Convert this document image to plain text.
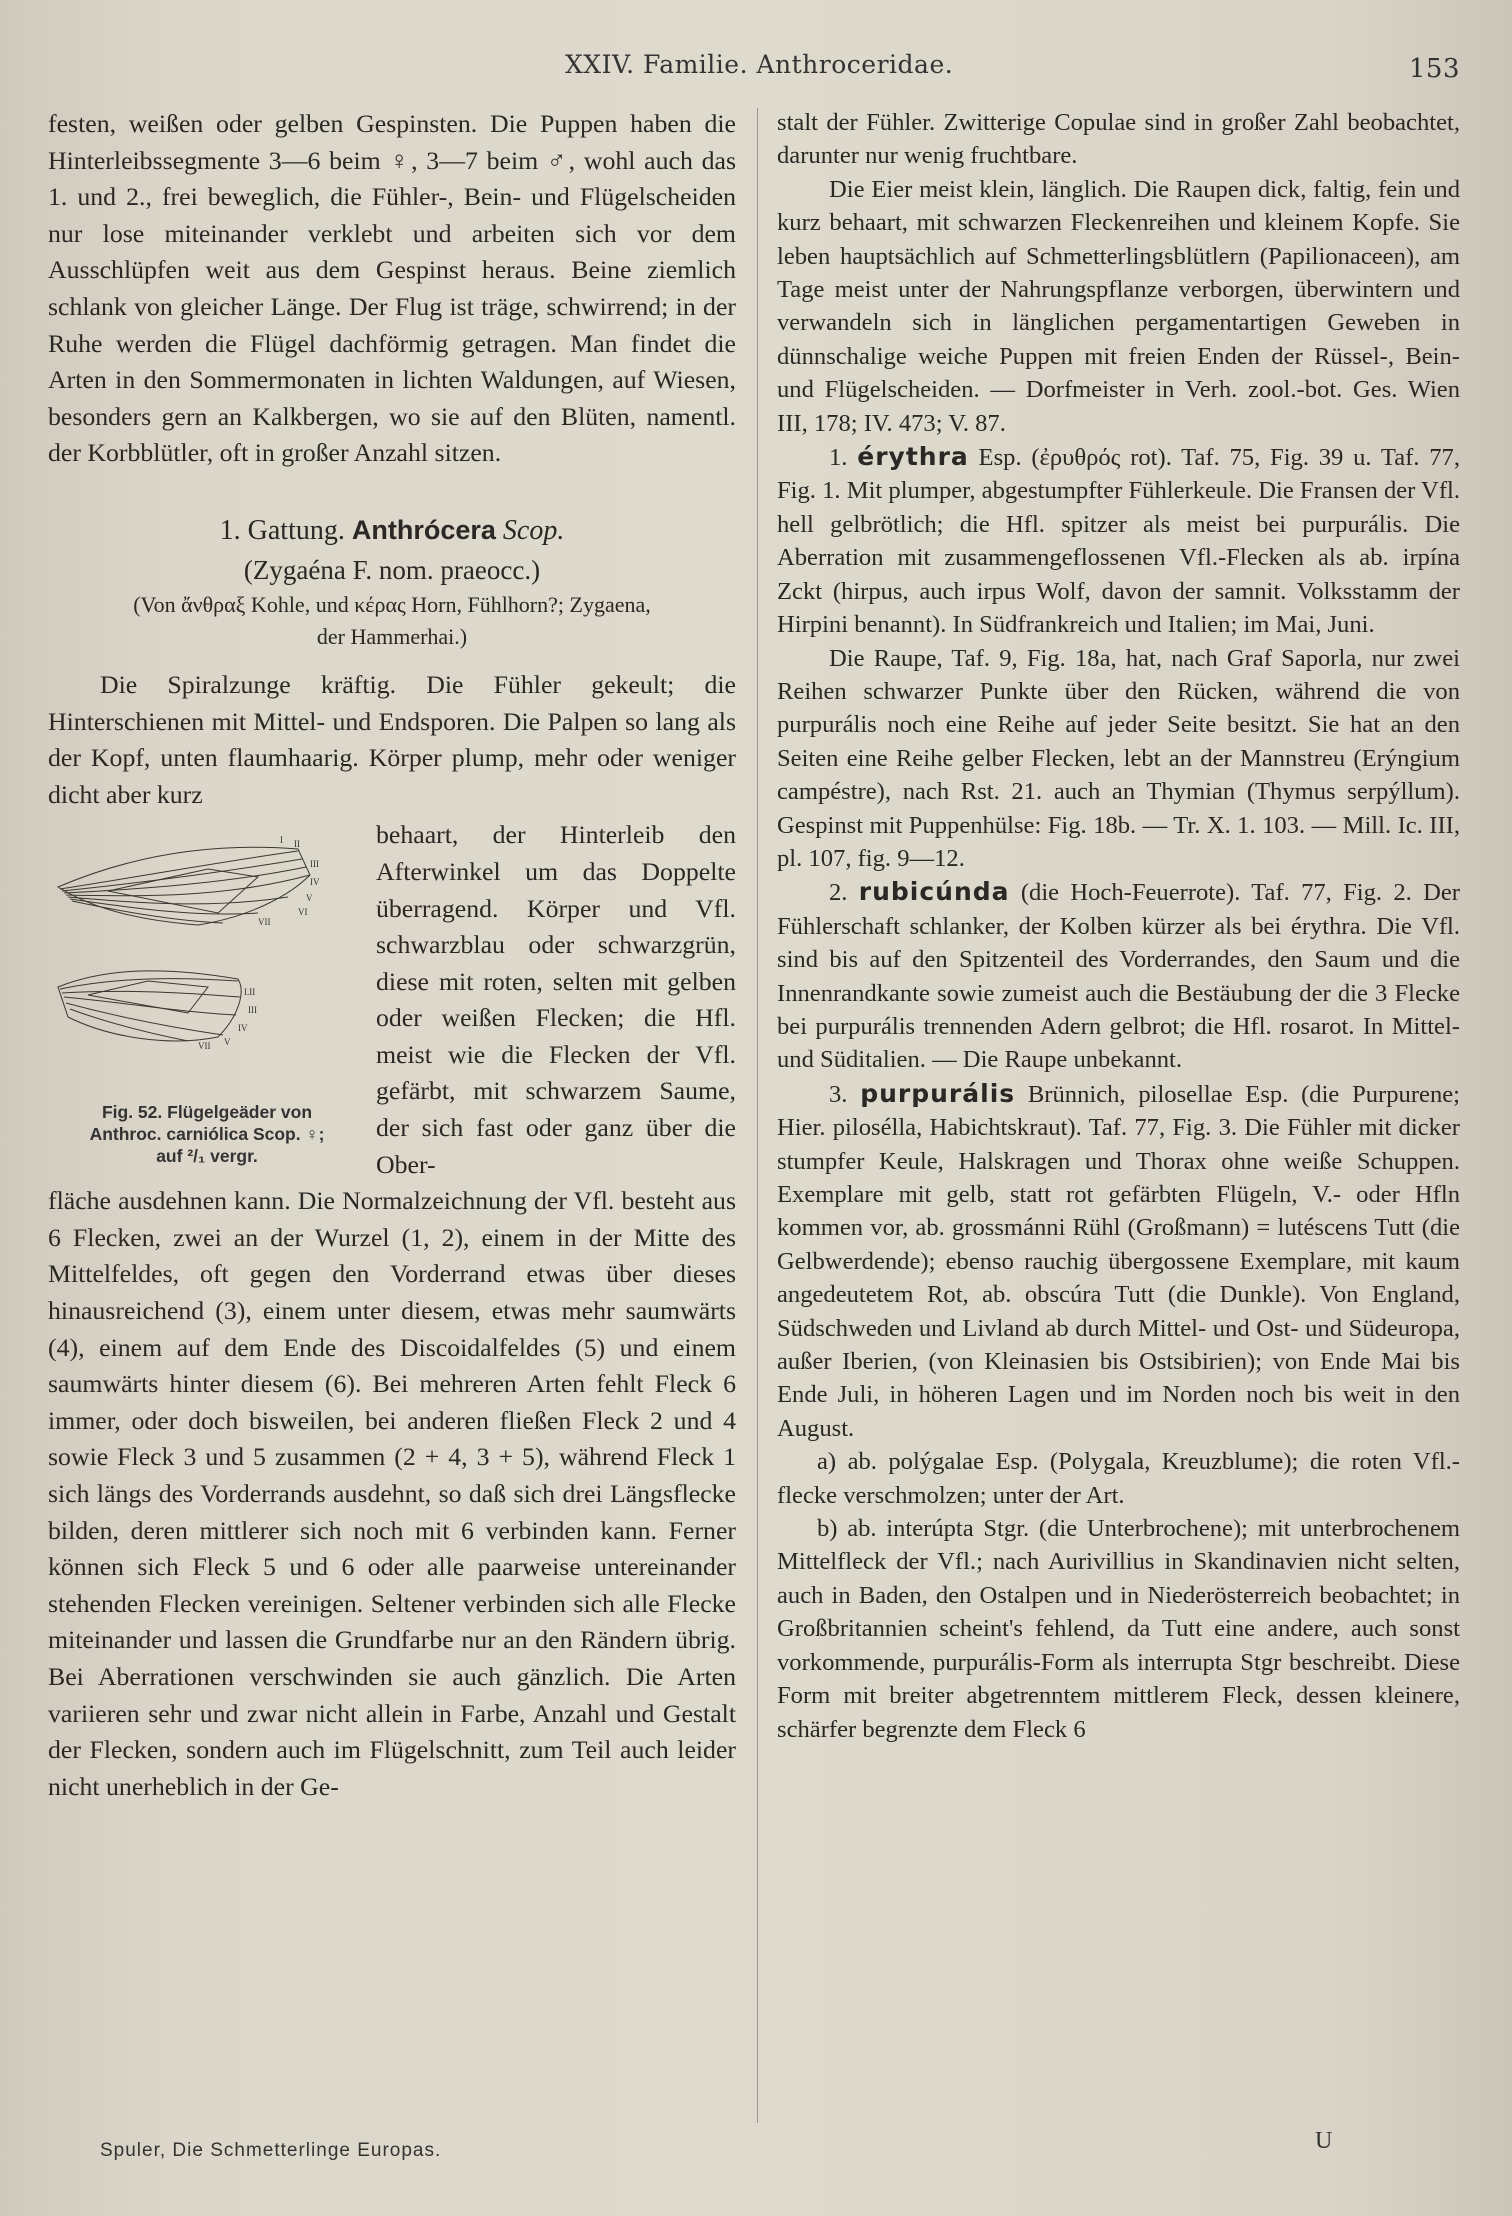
XXIV. Familie. Anthroceridae.	153

festen, weißen oder gelben Gespinsten. Die Puppen haben die Hinterleibssegmente 3—6 beim ♀, 3—7 beim ♂, wohl auch das 1. und 2., frei beweglich, die Fühler-, Bein- und Flügelscheiden nur lose miteinander verklebt und arbeiten sich vor dem Ausschlüpfen weit aus dem Gespinst heraus. Beine ziemlich schlank von gleicher Länge. Der Flug ist träge, schwirrend; in der Ruhe werden die Flügel dachförmig getragen. Man findet die Arten in den Sommermonaten in lichten Waldungen, auf Wiesen, besonders gern an Kalkbergen, wo sie auf den Blüten, namentl. der Korbblütler, oft in großer Anzahl sitzen.

1. Gattung. Anthrócera Scop.
(Zygaéna F. nom. praeocc.)
(Von ἄνθραξ Kohle, und κέρας Horn, Fühlhorn?; Zygaena,
der Hammerhai.)

Die Spiralzunge kräftig. Die Fühler gekeult; die Hinterschienen mit Mittel- und Endsporen. Die Palpen so lang als der Kopf, unten flaumhaarig. Körper plump, mehr oder weniger dicht aber kurz

I II
III
IV
V
VI
VII
I.II
III
IV
V
VII
Fig. 52. Flügelgeäder von
Anthroc. carniólica Scop. ♀;
auf ²/₁ vergr.
behaart, der Hinterleib den Afterwinkel um das Doppelte überragend. Körper und Vfl. schwarzblau oder schwarzgrün, diese mit roten, selten mit gelben oder weißen Flecken; die Hfl. meist wie die Flecken der Vfl. gefärbt, mit schwarzem Saume, der sich fast oder ganz über die Ober-

fläche ausdehnen kann. Die Normalzeichnung der Vfl. besteht aus 6 Flecken, zwei an der Wurzel (1, 2), einem in der Mitte des Mittelfeldes, oft gegen den Vorderrand etwas über dieses hinausreichend (3), einem unter diesem, etwas mehr saumwärts (4), einem auf dem Ende des Discoidalfeldes (5) und einem saumwärts hinter diesem (6). Bei mehreren Arten fehlt Fleck 6 immer, oder doch bisweilen, bei anderen fließen Fleck 2 und 4 sowie Fleck 3 und 5 zusammen (2 + 4, 3 + 5), während Fleck 1 sich längs des Vorderrands ausdehnt, so daß sich drei Längsflecke bilden, deren mittlerer sich noch mit 6 verbinden kann. Ferner können sich Fleck 5 und 6 oder alle paarweise untereinander stehenden Flecken vereinigen. Seltener verbinden sich alle Flecke miteinander und lassen die Grundfarbe nur an den Rändern übrig. Bei Aberrationen verschwinden sie auch gänzlich. Die Arten variieren sehr und zwar nicht allein in Farbe, Anzahl und Gestalt der Flecken, sondern auch im Flügelschnitt, zum Teil auch leider nicht unerheblich in der Ge-

stalt der Fühler. Zwitterige Copulae sind in großer Zahl beobachtet, darunter nur wenig fruchtbare.

Die Eier meist klein, länglich. Die Raupen dick, faltig, fein und kurz behaart, mit schwarzen Fleckenreihen und kleinem Kopfe. Sie leben hauptsächlich auf Schmetterlingsblütlern (Papilionaceen), am Tage meist unter der Nahrungspflanze verborgen, überwintern und verwandeln sich in länglichen pergamentartigen Geweben in dünnschalige weiche Puppen mit freien Enden der Rüssel-, Bein- und Flügelscheiden. — Dorfmeister in Verh. zool.-bot. Ges. Wien III, 178; IV. 473; V. 87.

1. érythra Esp. (ἐρυθρός rot). Taf. 75, Fig. 39 u. Taf. 77, Fig. 1. Mit plumper, abgestumpfter Fühlerkeule. Die Fransen der Vfl. hell gelbrötlich; die Hfl. spitzer als meist bei purpurális. Die Aberration mit zusammengeflossenen Vfl.-Flecken als ab. irpína Zckt (hirpus, auch irpus Wolf, davon der samnit. Volksstamm der Hirpini benannt). In Südfrankreich und Italien; im Mai, Juni.

Die Raupe, Taf. 9, Fig. 18a, hat, nach Graf Saporla, nur zwei Reihen schwarzer Punkte über den Rücken, während die von purpurális noch eine Reihe auf jeder Seite besitzt. Sie hat an den Seiten eine Reihe gelber Flecken, lebt an der Mannstreu (Erýngium campéstre), nach Rst. 21. auch an Thymian (Thymus serpýllum). Gespinst mit Puppenhülse: Fig. 18b. — Tr. X. 1. 103. — Mill. Ic. III, pl. 107, fig. 9—12.

2. rubicúnda (die Hoch-Feuerrote). Taf. 77, Fig. 2. Der Fühlerschaft schlanker, der Kolben kürzer als bei érythra. Die Vfl. sind bis auf den Spitzenteil des Vorderrandes, den Saum und die Innenrandkante sowie zumeist auch die Bestäubung der die 3 Flecke bei purpurális trennenden Adern gelbrot; die Hfl. rosarot. In Mittel- und Süditalien. — Die Raupe unbekannt.

3. purpurális Brünnich, pilosellae Esp. (die Purpurene; Hier. pilosélla, Habichtskraut). Taf. 77, Fig. 3. Die Fühler mit dicker stumpfer Keule, Halskragen und Thorax ohne weiße Schuppen. Exemplare mit gelb, statt rot gefärbten Flügeln, V.- oder Hfln kommen vor, ab. grossmánni Rühl (Großmann) = lutéscens Tutt (die Gelbwerdende); ebenso rauchig übergossene Exemplare, mit kaum angedeutetem Rot, ab. obscúra Tutt (die Dunkle). Von England, Südschweden und Livland ab durch Mittel- und Ost- und Südeuropa, außer Iberien, (von Kleinasien bis Ostsibirien); von Ende Mai bis Ende Juli, in höheren Lagen und im Norden noch bis weit in den August.

a) ab. polýgalae Esp. (Polygala, Kreuzblume); die roten Vfl.-flecke verschmolzen; unter der Art.

b) ab. interúpta Stgr. (die Unterbrochene); mit unterbrochenem Mittelfleck der Vfl.; nach Aurivillius in Skandinavien nicht selten, auch in Baden, den Ostalpen und in Niederösterreich beobachtet; in Großbritannien scheint's fehlend, da Tutt eine andere, auch sonst vorkommende, purpurális-Form als interrupta Stgr beschreibt. Diese Form mit breiter abgetrenntem mittlerem Fleck, dessen kleinere, schärfer begrenzte dem Fleck 6

Spuler, Die Schmetterlinge Europas.	U
